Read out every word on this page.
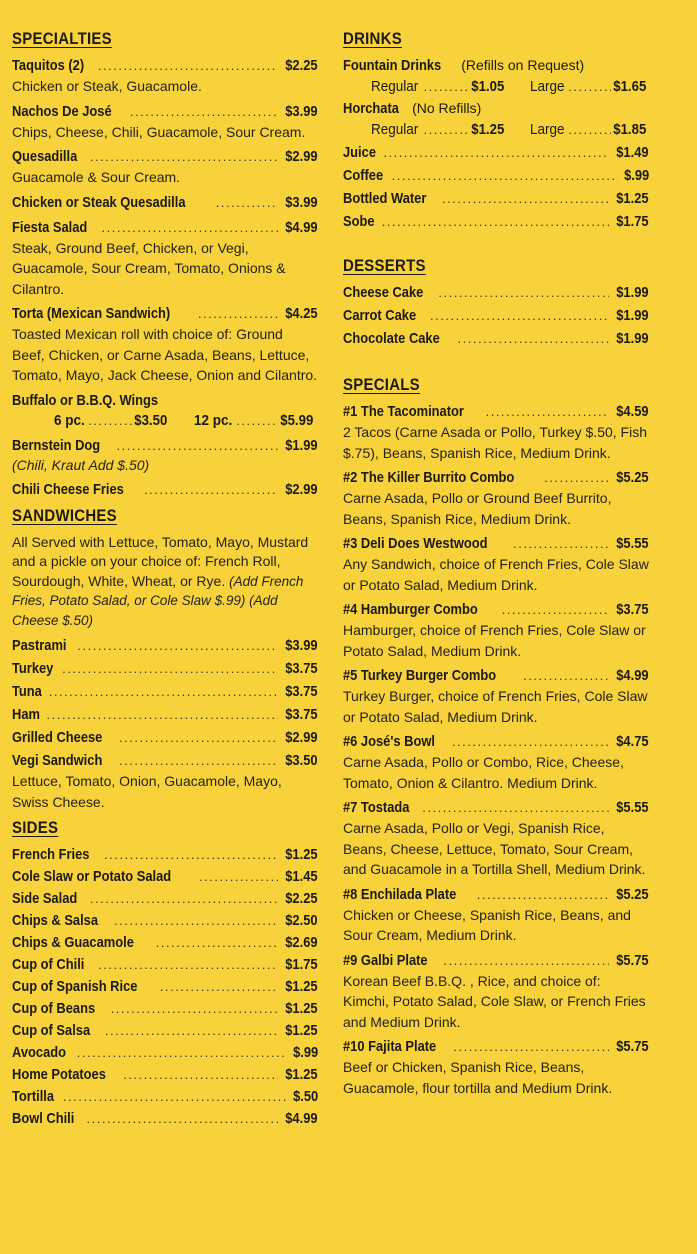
SPECIALTIES
Taquitos (2) .....	$2.25
Chicken or Steak, Guacamole.
Nachos De José .....	$3.99
Chips, Cheese, Chili, Guacamole, Sour Cream.
Quesadilla .....	$2.99
Guacamole & Sour Cream.
Chicken or Steak Quesadilla .....	$3.99
Fiesta Salad .....	$4.99
Steak, Ground Beef, Chicken, or Vegi, Guacamole, Sour Cream, Tomato, Onions & Cilantro.
Torta (Mexican Sandwich) .....	$4.25
Toasted Mexican roll with choice of: Ground Beef, Chicken, or Carne Asada, Beans, Lettuce, Tomato, Mayo, Jack Cheese, Onion and Cilantro.
Buffalo or B.B.Q. Wings
6 pc. .....	$3.50 12 pc. .....	$5.99
Bernstein Dog .....	$1.99
(Chili, Kraut Add $.50)
Chili Cheese Fries .....	$2.99
SANDWICHES
All Served with Lettuce, Tomato, Mayo, Mustard and a pickle on your choice of: French Roll, Sourdough, White, Wheat, or Rye. (Add French Fries, Potato Salad, or Cole Slaw $.99) (Add Cheese $.50)
Pastrami .....	$3.99
Turkey .....	$3.75
Tuna .....	$3.75
Ham .....	$3.75
Grilled Cheese .....	$2.99
Vegi Sandwich .....	$3.50
Lettuce, Tomato, Onion, Guacamole, Mayo, Swiss Cheese.
SIDES
French Fries .....	$1.25
Cole Slaw or Potato Salad .....	$1.45
Side Salad .....	$2.25
Chips & Salsa .....	$2.50
Chips & Guacamole .....	$2.69
Cup of Chili .....	$1.75
Cup of Spanish Rice .....	$1.25
Cup of Beans .....	$1.25
Cup of Salsa .....	$1.25
Avocado .....	$.99
Home Potatoes .....	$1.25
Tortilla .....	$.50
Bowl Chili .....	$4.99
DRINKS
Fountain Drinks
(Refills on Request)
Regular .....	$1.05 Large .....	$1.65
Horchata
(No Refills)
Regular .....	$1.25 Large .....	$1.85
Juice .....	$1.49
Coffee .....	$.99
Bottled Water .....	$1.25
Sobe .....	$1.75
DESSERTS
Cheese Cake .....	$1.99
Carrot Cake .....	$1.99
Chocolate Cake .....	$1.99
SPECIALS
#1 The Tacominator .....	$4.59
2 Tacos (Carne Asada or Pollo, Turkey $.50, Fish $.75), Beans, Spanish Rice, Medium Drink.
#2 The Killer Burrito Combo .....	$5.25
Carne Asada, Pollo or Ground Beef Burrito, Beans, Spanish Rice, Medium Drink.
#3 Deli Does Westwood .....	$5.55
Any Sandwich, choice of French Fries, Cole Slaw or Potato Salad, Medium Drink.
#4 Hamburger Combo .....	$3.75
Hamburger, choice of French Fries, Cole Slaw or Potato Salad, Medium Drink.
#5 Turkey Burger Combo .....	$4.99
Turkey Burger, choice of French Fries, Cole Slaw or Potato Salad, Medium Drink.
#6 José's Bowl .....	$4.75
Carne Asada, Pollo or Combo, Rice, Cheese, Tomato, Onion & Cilantro. Medium Drink.
#7 Tostada .....	$5.55
Carne Asada, Pollo or Vegi, Spanish Rice, Beans, Cheese, Lettuce, Tomato, Sour Cream, and Guacamole in a Tortilla Shell, Medium Drink.
#8 Enchilada Plate .....	$5.25
Chicken or Cheese, Spanish Rice, Beans, and Sour Cream, Medium Drink.
#9 Galbi Plate .....	$5.75
Korean Beef B.B.Q. , Rice, and choice of: Kimchi, Potato Salad, Cole Slaw, or French Fries and Medium Drink.
#10 Fajita Plate .....	$5.75
Beef or Chicken, Spanish Rice, Beans, Guacamole, flour tortilla and Medium Drink.
